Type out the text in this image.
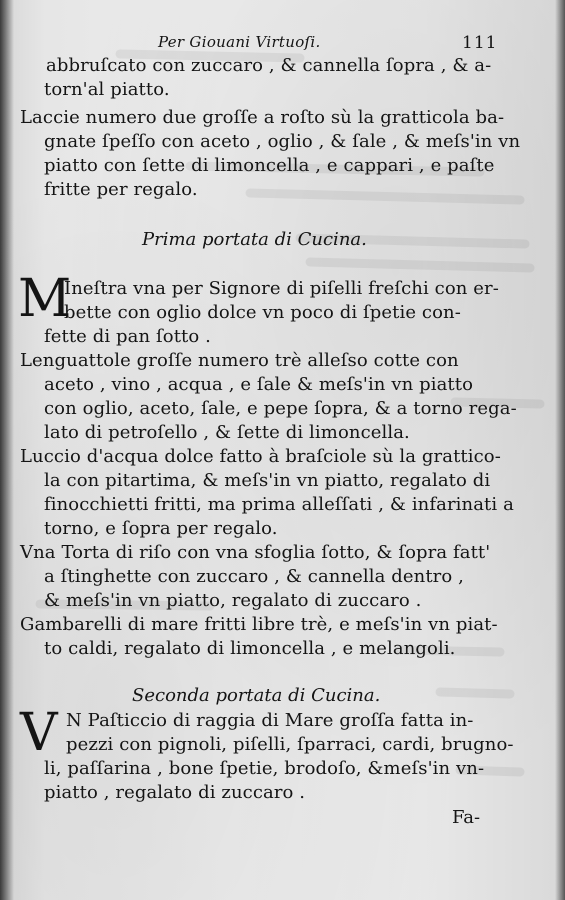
Per Giouani Virtuoſi.	111
abbruſcato con zuccaro , & cannella ſopra , & a-
torn'al piatto.
Laccie numero due groſſe a roſto sù la gratticola ba-
gnate ſpeſſo con aceto , oglio , & ſale , & meſs'in vn
piatto con ſette di limoncella , e cappari , e paſte
fritte per regalo.
Prima portata di Cucina.
M
Ineſtra vna per Signore di piſelli freſchi con er-
bette con oglio dolce vn poco di ſpetie con-
fette di pan ſotto .
Lenguattole groſſe numero trè alleſso cotte con
aceto , vino , acqua , e ſale & meſs'in vn piatto
con oglio, aceto, ſale, e pepe ſopra, & a torno rega-
lato di petroſello , & ſette di limoncella.
Luccio d'acqua dolce fatto à braſciole sù la grattico-
la con pitartima, & meſs'in vn piatto, regalato di
finocchietti fritti, ma prima alleſſati , & infarinati a
torno, e ſopra per regalo.
Vna Torta di riſo con vna sfoglia ſotto, & ſopra fatt'
a ſtinghette con zuccaro , & cannella dentro ,
& meſs'in vn piatto, regalato di zuccaro .
Gambarelli di mare fritti libre trè, e meſs'in vn piat-
to caldi, regalato di limoncella , e melangoli.
Seconda portata di Cucina.
V N Paſticcio di raggia di Mare groſſa fatta in-
pezzi con pignoli, piſelli, ſparraci, cardi, brugno-
li, paſſarina , bone ſpetie, brodoſo, &meſs'in vn-
piatto , regalato di zuccaro .
Fa-
